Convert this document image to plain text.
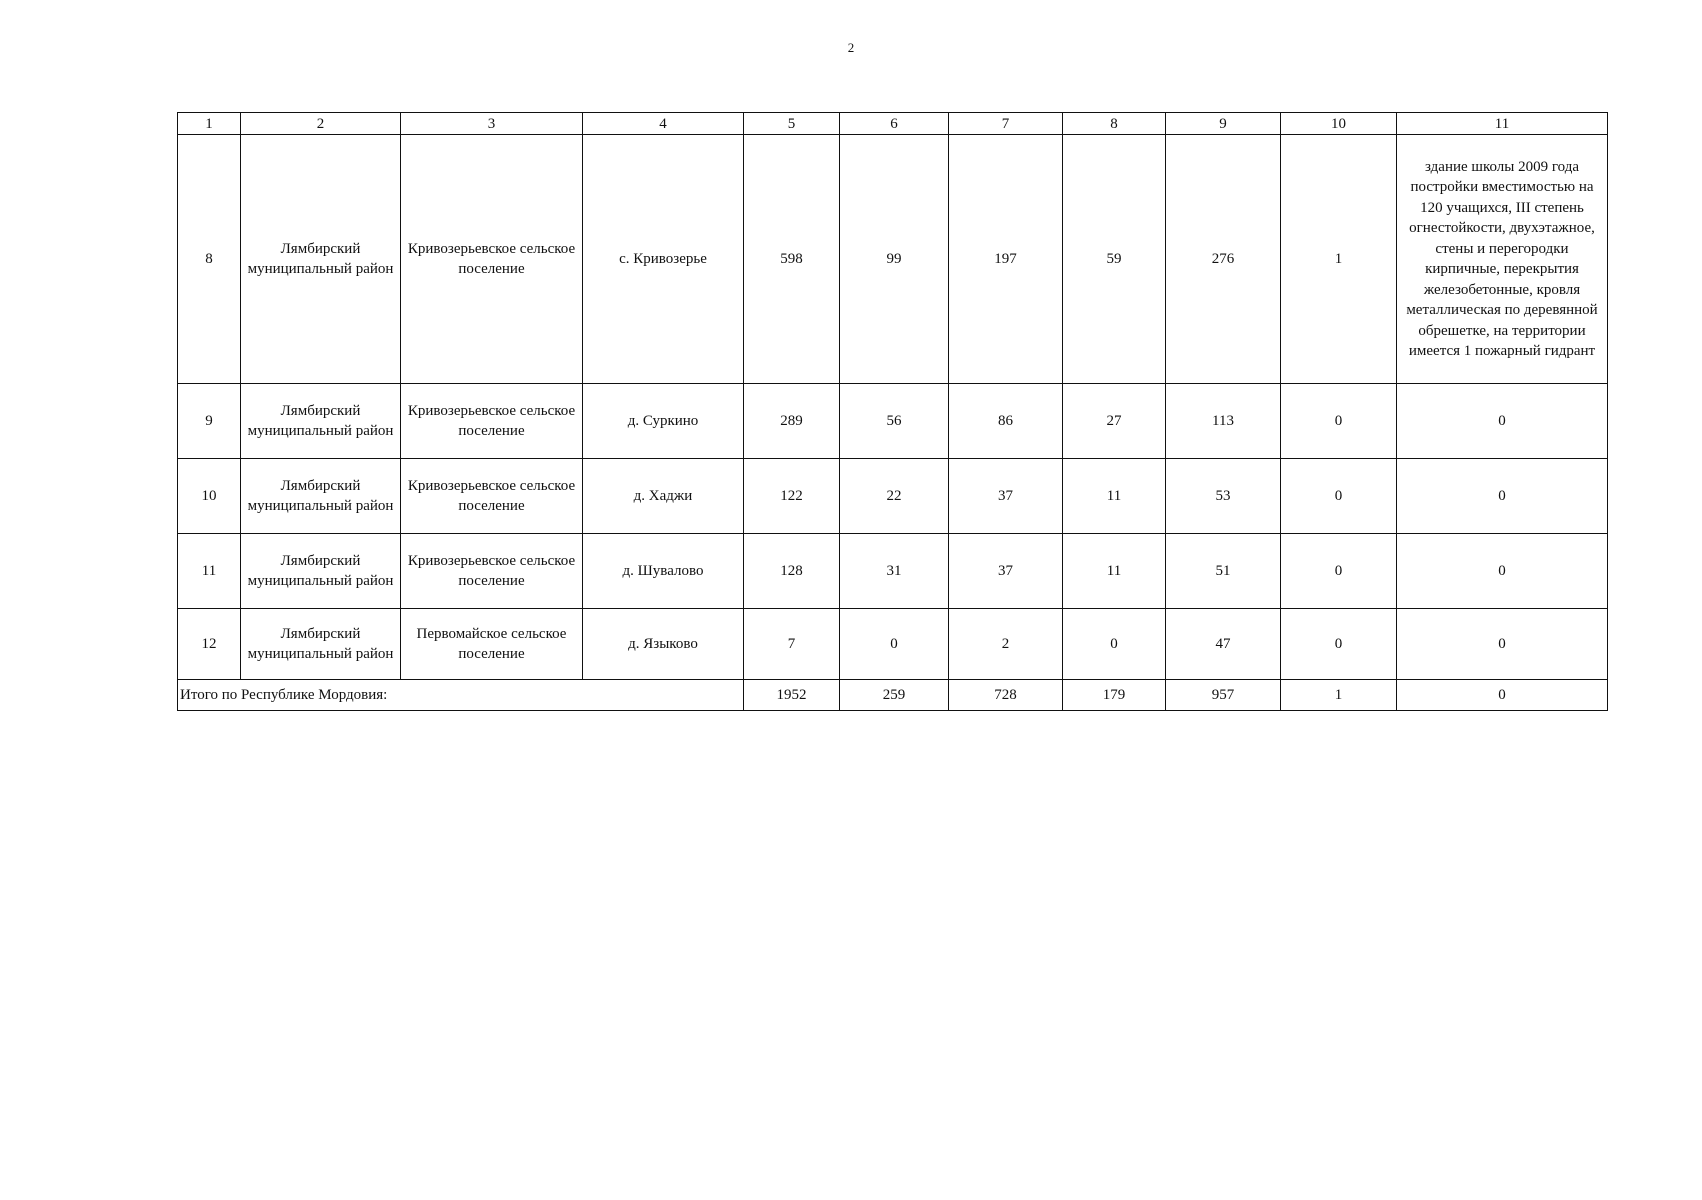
2
1	2	3	4	5	6	7	8	9	10	11
8	Лямбирский муниципальный район	Кривозерьевское сельское поселение	с. Кривозерье	598	99	197	59	276	1	здание школы 2009 года постройки вместимостью на 120 учащихся, III степень огнестойкости, двухэтажное, стены и перегородки кирпичные, перекрытия железобетонные, кровля металлическая по деревянной обрешетке, на территории имеется 1 пожарный гидрант
9	Лямбирский муниципальный район	Кривозерьевское сельское поселение	д. Суркино	289	56	86	27	113	0	0
10	Лямбирский муниципальный район	Кривозерьевское сельское поселение	д. Хаджи	122	22	37	11	53	0	0
11	Лямбирский муниципальный район	Кривозерьевское сельское поселение	д. Шувалово	128	31	37	11	51	0	0
12	Лямбирский муниципальный район	Первомайское сельское поселение	д. Языково	7	0	2	0	47	0	0
Итого по Республике Мордовия:				1952	259	728	179	957	1	0
